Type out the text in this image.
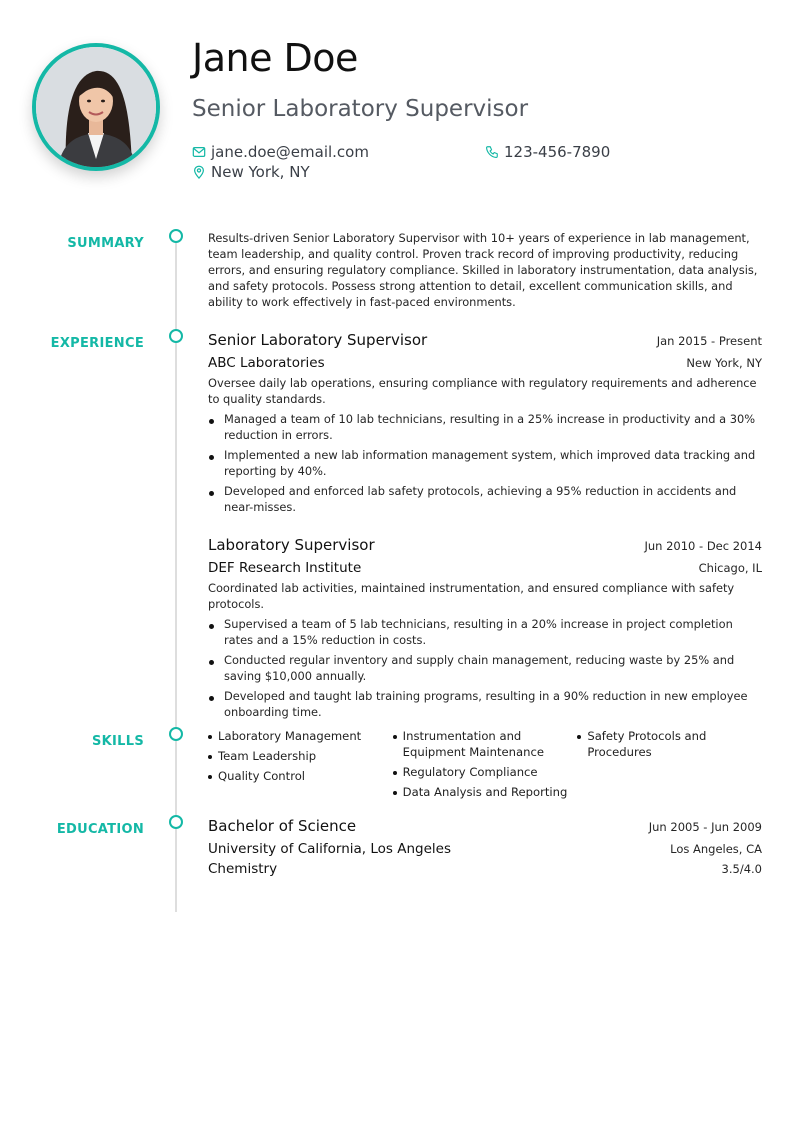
Jane Doe
Senior Laboratory Supervisor
jane.doe@email.com	123-456-7890
New York, NY
SUMMARY
EXPERIENCE
SKILLS
EDUCATION

Results-driven Senior Laboratory Supervisor with 10+ years of experience in lab management, team leadership, and quality control. Proven track record of improving productivity, reducing errors, and ensuring regulatory compliance. Skilled in laboratory instrumentation, data analysis, and safety protocols. Possess strong attention to detail, excellent communication skills, and ability to work effectively in fast-paced environments.

Senior Laboratory Supervisor	Jan 2015 - Present
ABC Laboratories	New York, NY

Oversee daily lab operations, ensuring compliance with regulatory requirements and adherence to quality standards.

Managed a team of 10 lab technicians, resulting in a 25% increase in productivity and a 30% reduction in errors.
Implemented a new lab information management system, which improved data tracking and reporting by 40%.
Developed and enforced lab safety protocols, achieving a 95% reduction in accidents and near-misses.
Laboratory Supervisor	Jun 2010 - Dec 2014
DEF Research Institute	Chicago, IL

Coordinated lab activities, maintained instrumentation, and ensured compliance with safety protocols.

Supervised a team of 5 lab technicians, resulting in a 20% increase in project completion rates and a 15% reduction in costs.
Conducted regular inventory and supply chain management, reducing waste by 25% and saving $10,000 annually.
Developed and taught lab training programs, resulting in a 90% reduction in new employee onboarding time.
Laboratory Management
Team Leadership
Quality Control
Instrumentation and Equipment Maintenance
Regulatory Compliance
Data Analysis and Reporting
Safety Protocols and Procedures
Bachelor of Science	Jun 2005 - Jun 2009
University of California, Los Angeles	Los Angeles, CA
Chemistry	3.5/4.0
